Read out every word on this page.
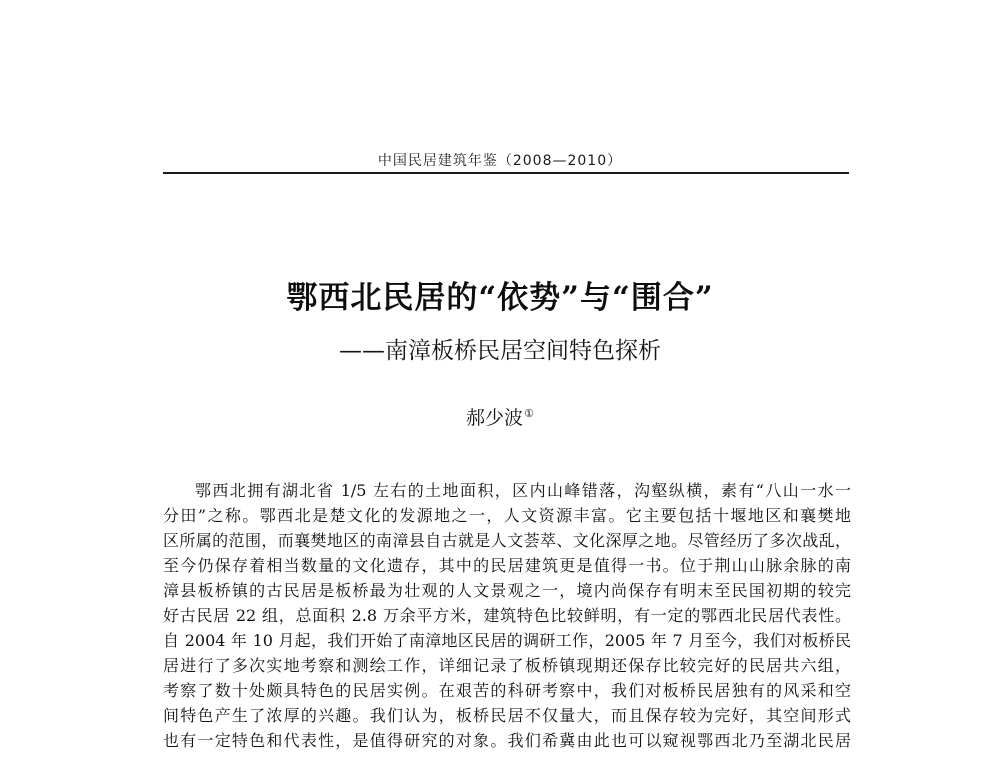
中国民居建筑年鉴（2008—2010）
鄂西北民居的“依势”与“围合”
——南漳板桥民居空间特色探析
郝少波①
鄂西北拥有湖北省 1/5 左右的土地面积，区内山峰错落，沟壑纵横，素有“八山一水一
分田”之称。鄂西北是楚文化的发源地之一，人文资源丰富。它主要包括十堰地区和襄樊地
区所属的范围，而襄樊地区的南漳县自古就是人文荟萃、文化深厚之地。尽管经历了多次战乱，
至今仍保存着相当数量的文化遗存，其中的民居建筑更是值得一书。位于荆山山脉余脉的南
漳县板桥镇的古民居是板桥最为壮观的人文景观之一，境内尚保存有明末至民国初期的较完
好古民居 22 组，总面积 2.8 万余平方米，建筑特色比较鲜明，有一定的鄂西北民居代表性。
自 2004 年 10 月起，我们开始了南漳地区民居的调研工作，2005 年 7 月至今，我们对板桥民
居进行了多次实地考察和测绘工作，详细记录了板桥镇现期还保存比较完好的民居共六组，
考察了数十处颇具特色的民居实例。在艰苦的科研考察中，我们对板桥民居独有的风采和空
间特色产生了浓厚的兴趣。我们认为，板桥民居不仅量大，而且保存较为完好，其空间形式
也有一定特色和代表性，是值得研究的对象。我们希冀由此也可以窥视鄂西北乃至湖北民居
